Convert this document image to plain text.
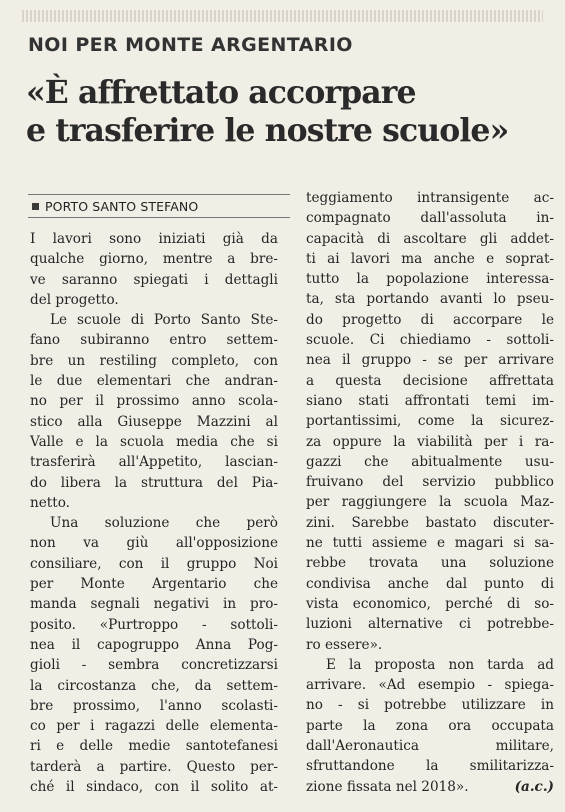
NOI PER MONTE ARGENTARIO
«È affrettato accorpare
e trasferire le nostre scuole»
PORTO SANTO STEFANO
I lavori sono iniziati già da
qualche giorno, mentre a bre-
ve saranno spiegati i dettagli
del progetto.
Le scuole di Porto Santo Ste-
fano subiranno entro settem-
bre un restiling completo, con
le due elementari che andran-
no per il prossimo anno scola-
stico alla Giuseppe Mazzini al
Valle e la scuola media che si
trasferirà all'Appetito, lascian-
do libera la struttura del Pia-
netto.
Una soluzione che però
non va giù all'opposizione
consiliare, con il gruppo Noi
per Monte Argentario che
manda segnali negativi in pro-
posito. «Purtroppo - sottoli-
nea il capogruppo Anna Pog-
gioli - sembra concretizzarsi
la circostanza che, da settem-
bre prossimo, l'anno scolasti-
co per i ragazzi delle elementa-
ri e delle medie santotefanesi
tarderà a partire. Questo per-
ché il sindaco, con il solito at-
teggiamento intransigente ac-
compagnato dall'assoluta in-
capacità di ascoltare gli addet-
ti ai lavori ma anche e soprat-
tutto la popolazione interessa-
ta, sta portando avanti lo pseu-
do progetto di accorpare le
scuole. Ci chiediamo - sottoli-
nea il gruppo - se per arrivare
a questa decisione affrettata
siano stati affrontati temi im-
portantissimi, come la sicurez-
za oppure la viabilità per i ra-
gazzi che abitualmente usu-
fruivano del servizio pubblico
per raggiungere la scuola Maz-
zini. Sarebbe bastato discuter-
ne tutti assieme e magari si sa-
rebbe trovata una soluzione
condivisa anche dal punto di
vista economico, perché di so-
luzioni alternative ci potrebbe-
ro essere».
E la proposta non tarda ad
arrivare. «Ad esempio - spiega-
no - si potrebbe utilizzare in
parte la zona ora occupata
dall'Aeronautica militare,
sfruttandone la smilitarizza-
zione fissata nel 2018».	(a.c.)
